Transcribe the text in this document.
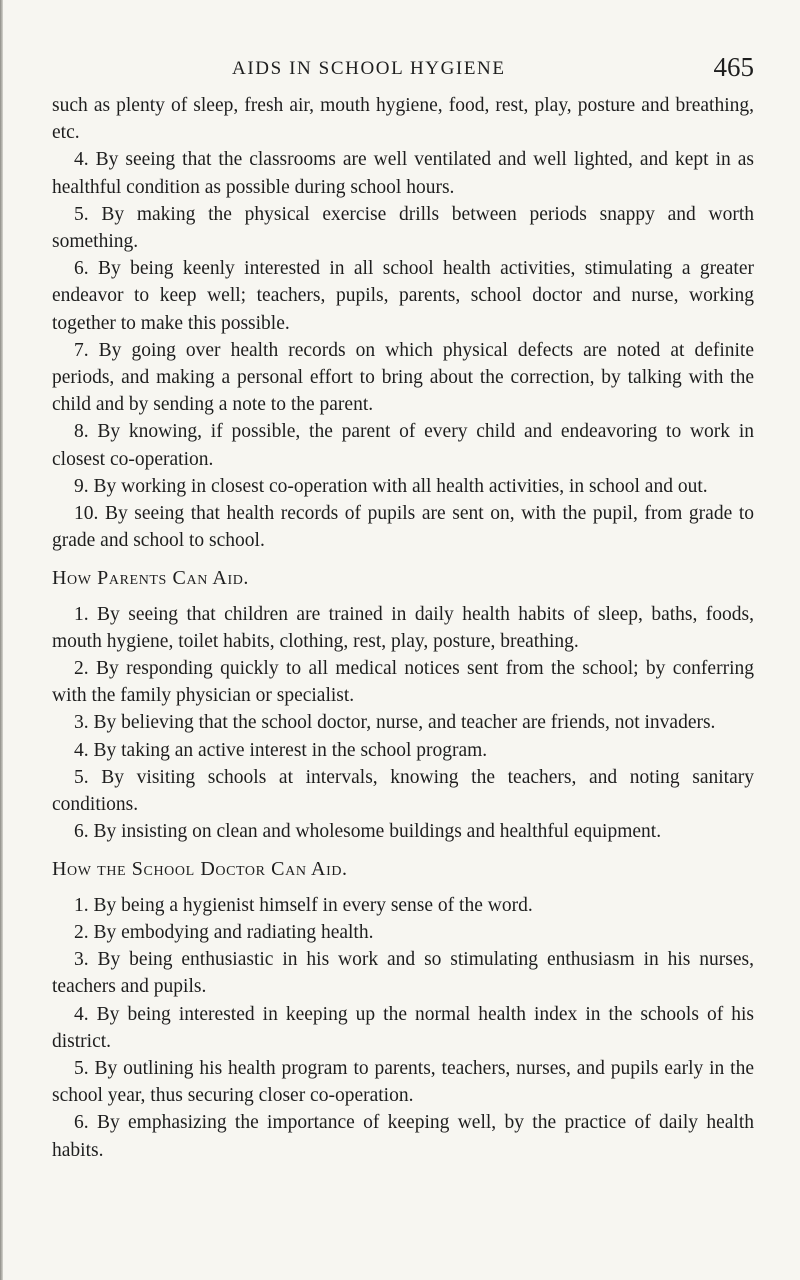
AIDS IN SCHOOL HYGIENE	465

such as plenty of sleep, fresh air, mouth hygiene, food, rest, play, posture and breathing, etc.

4. By seeing that the classrooms are well ventilated and well lighted, and kept in as healthful condition as possible during school hours.

5. By making the physical exercise drills between periods snappy and worth something.

6. By being keenly interested in all school health activities, stimulating a greater endeavor to keep well; teachers, pupils, parents, school doctor and nurse, working together to make this possible.

7. By going over health records on which physical defects are noted at definite periods, and making a personal effort to bring about the correction, by talking with the child and by sending a note to the parent.

8. By knowing, if possible, the parent of every child and endeavoring to work in closest co-operation.

9. By working in closest co-operation with all health activities, in school and out.

10. By seeing that health records of pupils are sent on, with the pupil, from grade to grade and school to school.

How Parents Can Aid.

1. By seeing that children are trained in daily health habits of sleep, baths, foods, mouth hygiene, toilet habits, clothing, rest, play, posture, breathing.

2. By responding quickly to all medical notices sent from the school; by conferring with the family physician or specialist.

3. By believing that the school doctor, nurse, and teacher are friends, not invaders.

4. By taking an active interest in the school program.

5. By visiting schools at intervals, knowing the teachers, and noting sanitary conditions.

6. By insisting on clean and wholesome buildings and healthful equipment.

How the School Doctor Can Aid.

1. By being a hygienist himself in every sense of the word.

2. By embodying and radiating health.

3. By being enthusiastic in his work and so stimulating enthusiasm in his nurses, teachers and pupils.

4. By being interested in keeping up the normal health index in the schools of his district.

5. By outlining his health program to parents, teachers, nurses, and pupils early in the school year, thus securing closer co-operation.

6. By emphasizing the importance of keeping well, by the practice of daily health habits.
